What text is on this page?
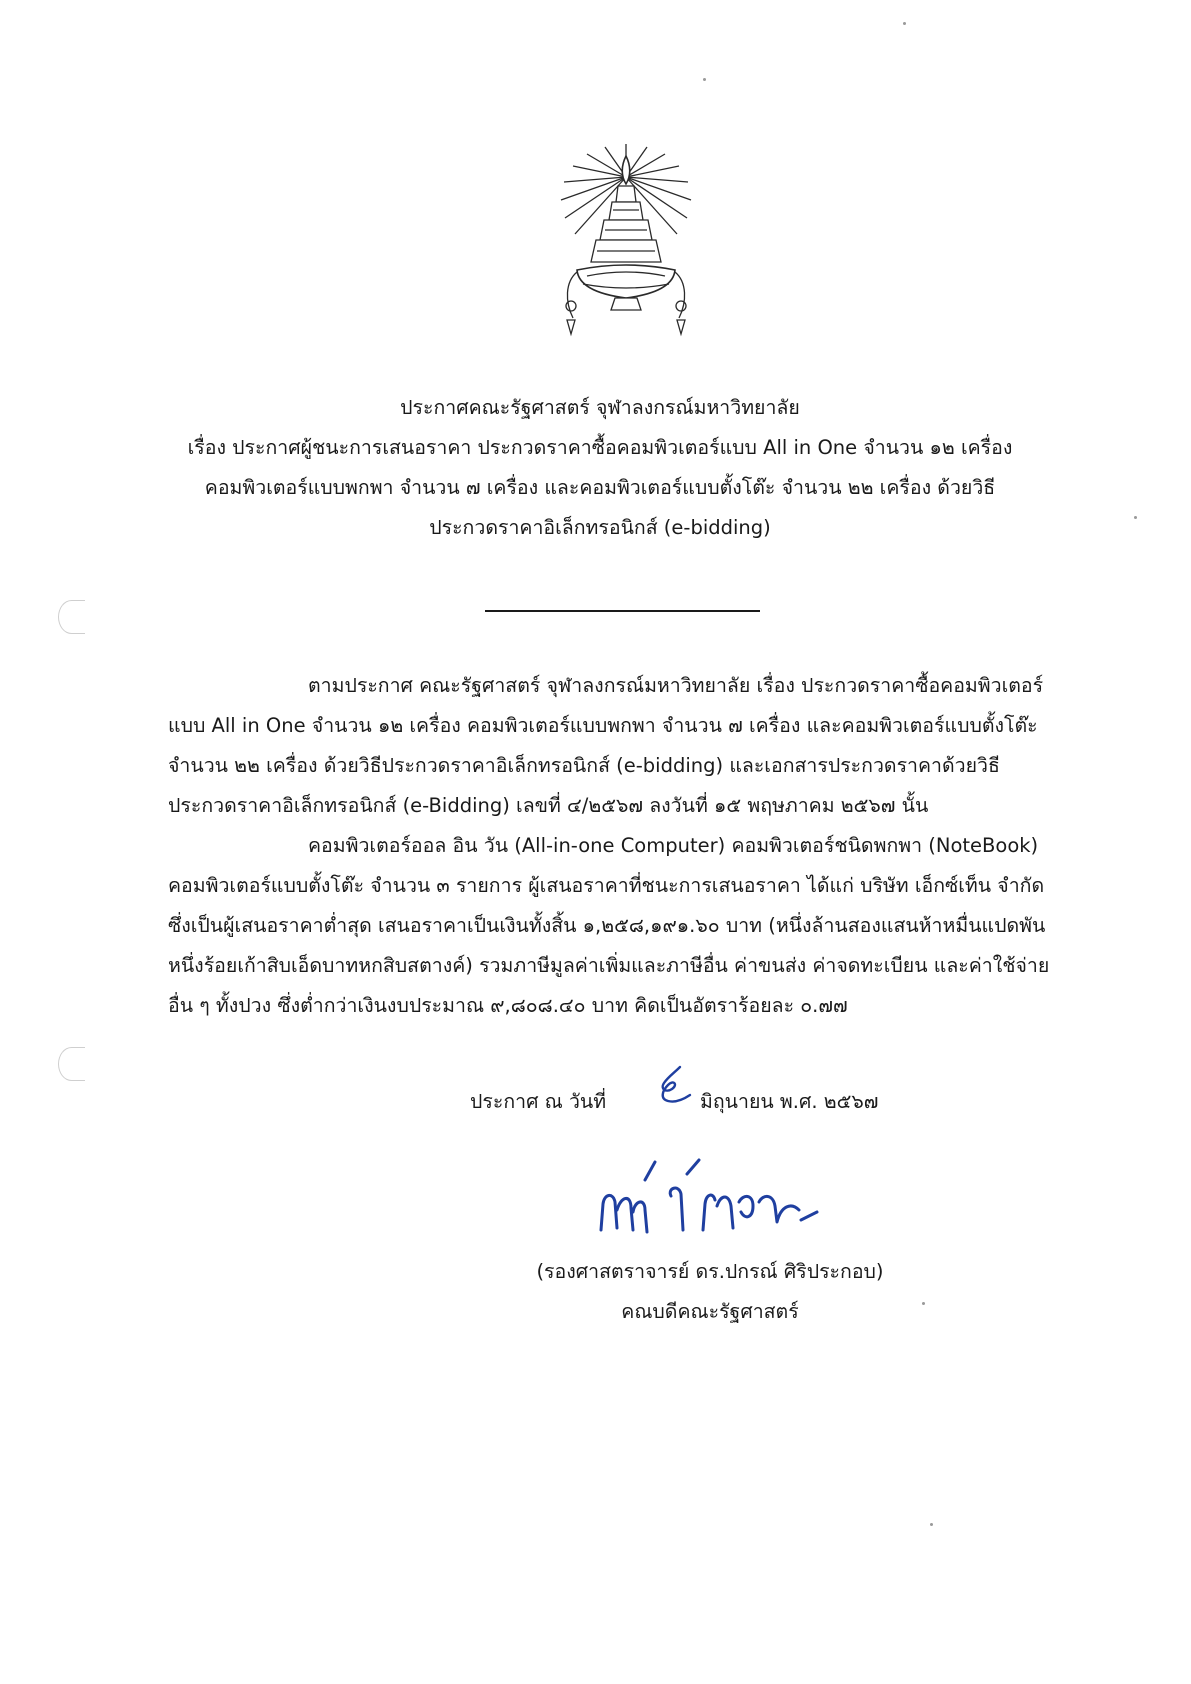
ประกาศคณะรัฐศาสตร์ จุฬาลงกรณ์มหาวิทยาลัย
เรื่อง ประกาศผู้ชนะการเสนอราคา ประกวดราคาซื้อคอมพิวเตอร์แบบ All in One จำนวน ๑๒ เครื่อง
คอมพิวเตอร์แบบพกพา จำนวน ๗ เครื่อง และคอมพิวเตอร์แบบตั้งโต๊ะ จำนวน ๒๒ เครื่อง ด้วยวิธี
ประกวดราคาอิเล็กทรอนิกส์ (e-bidding)
ตามประกาศ คณะรัฐศาสตร์ จุฬาลงกรณ์มหาวิทยาลัย เรื่อง ประกวดราคาซื้อคอมพิวเตอร์
แบบ All in One จำนวน ๑๒ เครื่อง คอมพิวเตอร์แบบพกพา จำนวน ๗ เครื่อง และคอมพิวเตอร์แบบตั้งโต๊ะ
จำนวน ๒๒ เครื่อง ด้วยวิธีประกวดราคาอิเล็กทรอนิกส์ (e-bidding) และเอกสารประกวดราคาด้วยวิธี
ประกวดราคาอิเล็กทรอนิกส์ (e-Bidding) เลขที่ ๔/๒๕๖๗ ลงวันที่ ๑๕ พฤษภาคม ๒๕๖๗ นั้น
คอมพิวเตอร์ออล อิน วัน (All-in-one Computer) คอมพิวเตอร์ชนิดพกพา (NoteBook)
คอมพิวเตอร์แบบตั้งโต๊ะ จำนวน ๓ รายการ ผู้เสนอราคาที่ชนะการเสนอราคา ได้แก่ บริษัท เอ็กซ์เท็น จำกัด
ซึ่งเป็นผู้เสนอราคาต่ำสุด เสนอราคาเป็นเงินทั้งสิ้น ๑,๒๕๘,๑๙๑.๖๐ บาท (หนึ่งล้านสองแสนห้าหมื่นแปดพัน
หนึ่งร้อยเก้าสิบเอ็ดบาทหกสิบสตางค์) รวมภาษีมูลค่าเพิ่มและภาษีอื่น ค่าขนส่ง ค่าจดทะเบียน และค่าใช้จ่าย
อื่น ๆ ทั้งปวง ซึ่งต่ำกว่าเงินงบประมาณ ๙,๘๐๘.๔๐ บาท คิดเป็นอัตราร้อยละ ๐.๗๗
ประกาศ ณ วันที่	มิถุนายน พ.ศ. ๒๕๖๗
(รองศาสตราจารย์ ดร.ปกรณ์ ศิริประกอบ)
คณบดีคณะรัฐศาสตร์
